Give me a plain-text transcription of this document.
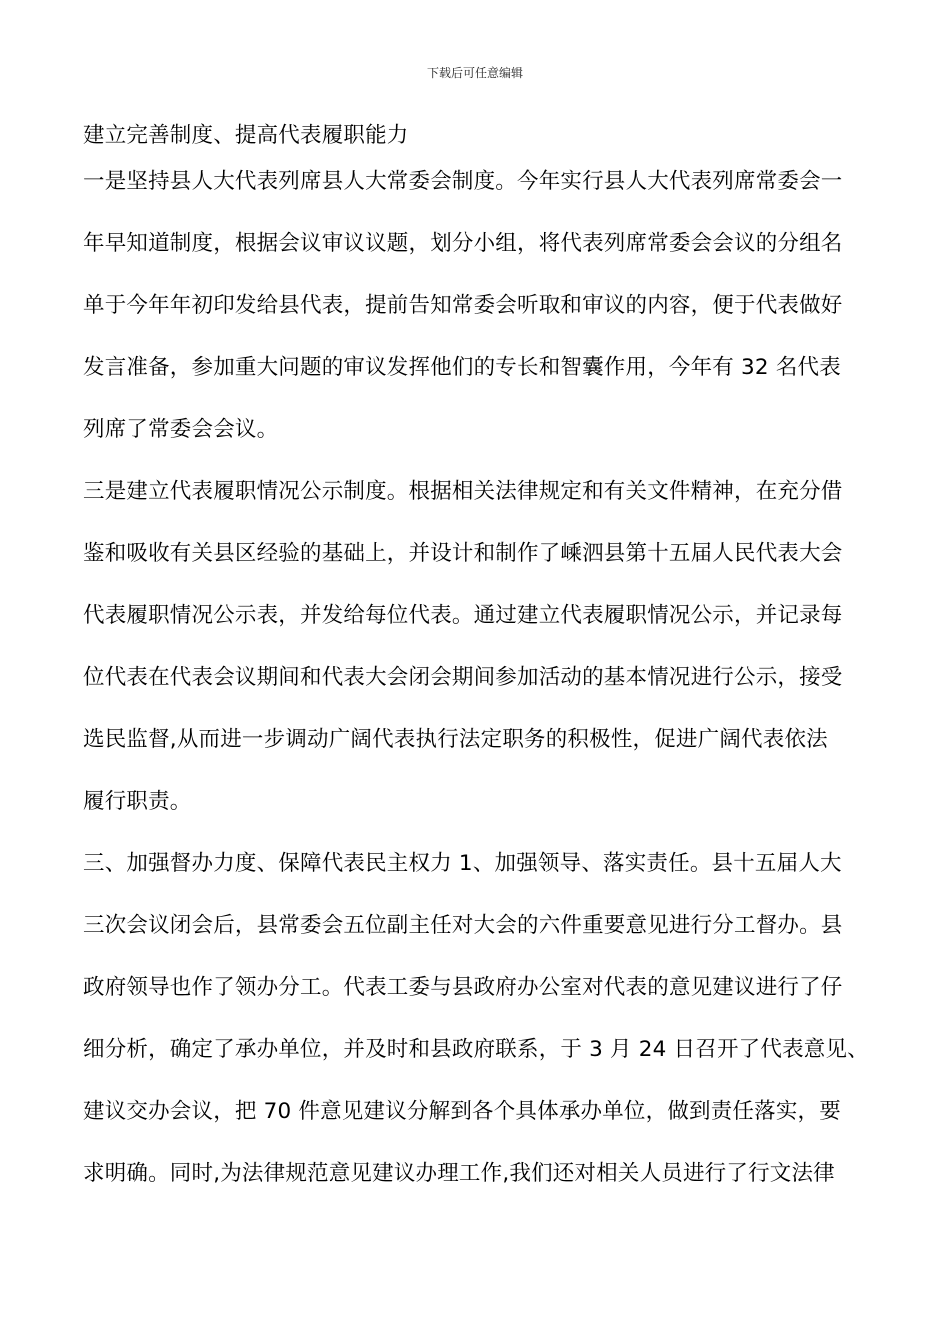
下载后可任意编辑
建立完善制度、提高代表履职能力
一是坚持县人大代表列席县人大常委会制度。今年实行县人大代表列席常委会一
年早知道制度，根据会议审议议题，划分小组，将代表列席常委会会议的分组名
单于今年年初印发给县代表，提前告知常委会听取和审议的内容，便于代表做好
发言准备，参加重大问题的审议发挥他们的专长和智囊作用，今年有 32 名代表
列席了常委会会议。
三是建立代表履职情况公示制度。根据相关法律规定和有关文件精神，在充分借
鉴和吸收有关县区经验的基础上，并设计和制作了嵊泗县第十五届人民代表大会
代表履职情况公示表，并发给每位代表。通过建立代表履职情况公示，并记录每
位代表在代表会议期间和代表大会闭会期间参加活动的基本情况进行公示，接受
选民监督,从而进一步调动广阔代表执行法定职务的积极性，促进广阔代表依法
履行职责。
三、加强督办力度、保障代表民主权力 1、加强领导、落实责任。县十五届人大
三次会议闭会后，县常委会五位副主任对大会的六件重要意见进行分工督办。县
政府领导也作了领办分工。代表工委与县政府办公室对代表的意见建议进行了仔
细分析，确定了承办单位，并及时和县政府联系，于 3 月 24 日召开了代表意见、
建议交办会议，把 70 件意见建议分解到各个具体承办单位，做到责任落实，要
求明确。同时,为法律规范意见建议办理工作,我们还对相关人员进行了行文法律
